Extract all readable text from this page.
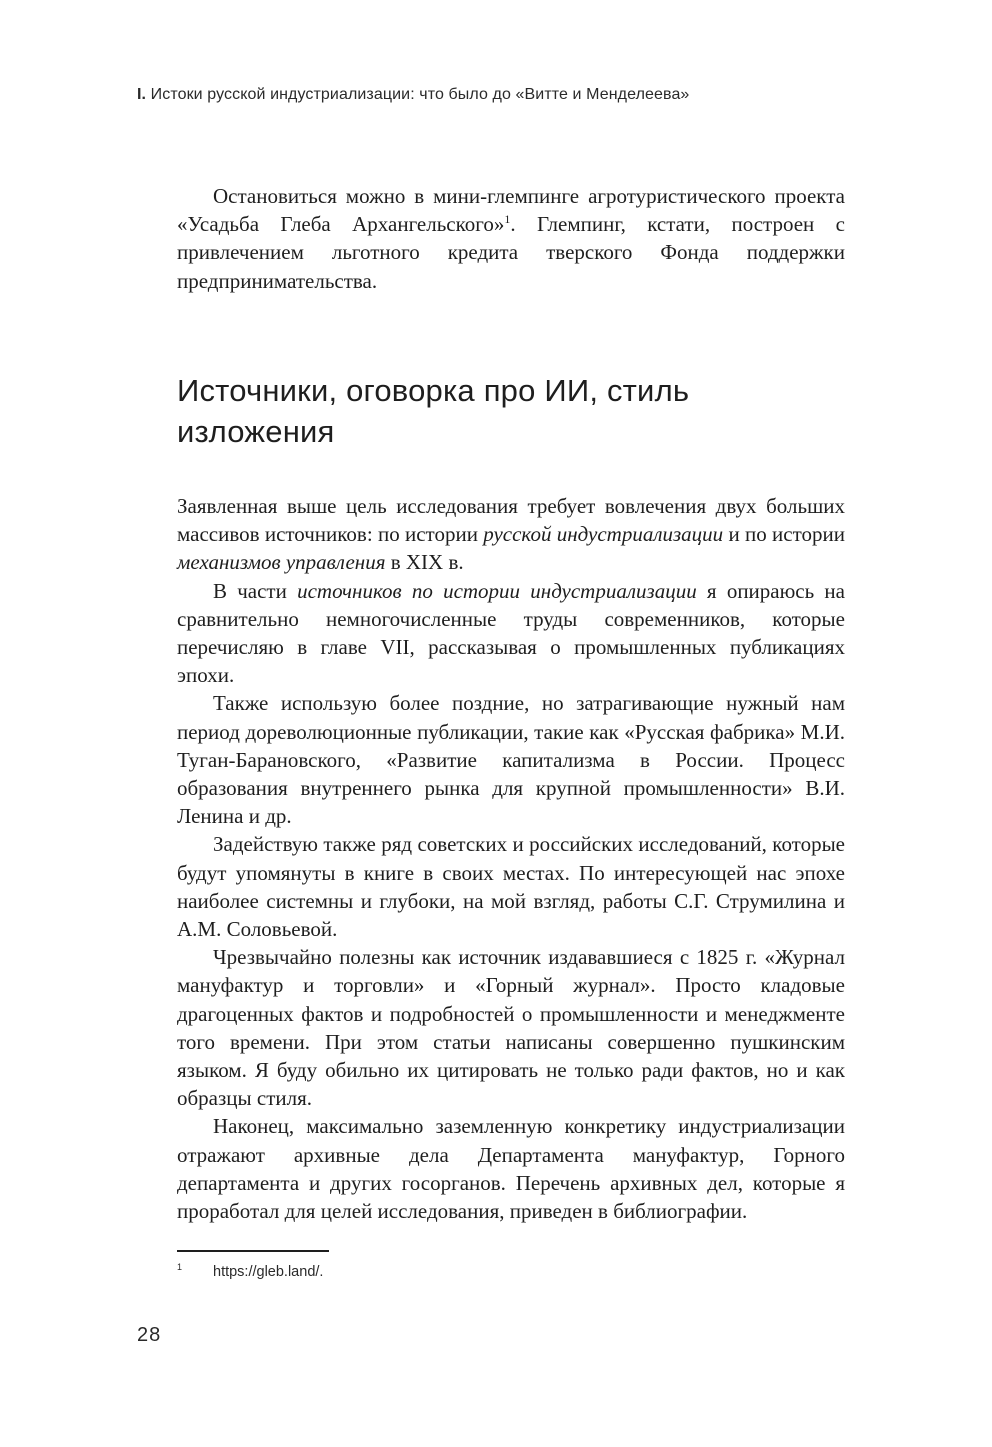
I. Истоки русской индустриализации: что было до «Витте и Менделеева»

Остановиться можно в мини-глемпинге агротуристического проекта «Усадьба Глеба Архангельского»$^1$. Глемпинг, кстати, построен с привлечением льготного кредита тверского Фонда поддержки предпринимательства.

Источники, оговорка про ИИ, стиль изложения

Заявленная выше цель исследования требует вовлечения двух больших массивов источников: по истории русской индустриализации и по истории механизмов управления в XIX в.

В части источников по истории индустриализации я опираюсь на сравнительно немногочисленные труды современников, которые перечисляю в главе VII, рассказывая о промышленных публикациях эпохи.

Также использую более поздние, но затрагивающие нужный нам период дореволюционные публикации, такие как «Русская фабрика» М.И. Туган-Барановского, «Развитие капитализма в России. Процесс образования внутреннего рынка для крупной промышленности» В.И. Ленина и др.

Задействую также ряд советских и российских исследований, которые будут упомянуты в книге в своих местах. По интересующей нас эпохе наиболее системны и глубоки, на мой взгляд, работы С.Г. Струмилина и А.М. Соловьевой.

Чрезвычайно полезны как источник издававшиеся с 1825 г. «Журнал мануфактур и торговли» и «Горный журнал». Просто кладовые драгоценных фактов и подробностей о промышленности и менеджменте того времени. При этом статьи написаны совершенно пушкинским языком. Я буду обильно их цитировать не только ради фактов, но и как образцы стиля.

Наконец, максимально заземленную конкретику индустриализации отражают архивные дела Департамента мануфактур, Горного департамента и других госорганов. Перечень архивных дел, которые я проработал для целей исследования, приведен в библиографии.

1 https://gleb.land/.
28
